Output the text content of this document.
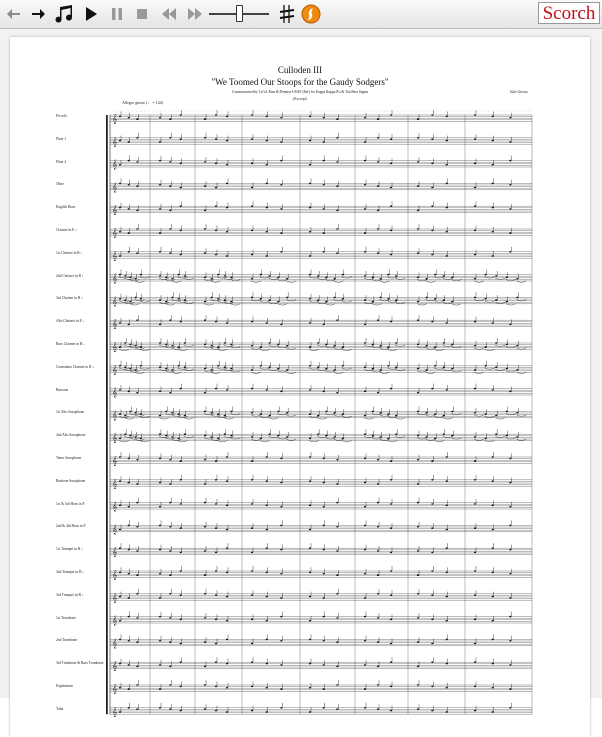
Scorch
Culloden III
"We Toomed Our Stoops for the Gaudy Sodgers"
Commissioned by LtCol Alan & Dennise USAF (Ret) for Kappa Kappa Psi & Tau Beta Sigma
(Excerpt)
Julie Giroux
Allegro giusto (♩ = 144)
Piccolo
Flute 1
Flute 2
Oboe
English Horn
Clarinet in E ♭
1st Clarinet in B ♭
2nd Clarinet in B ♭
3rd Clarinet in B ♭
Alto Clarinet in E ♭
Bass Clarinet in B ♭
Contrabass Clarinet in B ♭
Bassoon
1st Alto Saxophone
2nd Alto Saxophone
Tenor Saxophone
Baritone Saxophone
1st & 3rd Horn in F
2nd & 4th Horn in F
1st Trumpet in B ♭
2nd Trumpet in B ♭
3rd Trumpet in B ♭
1st Trombone
2nd Trombone
3rd Trombone & Bass Trombone
Euphonium
Tuba
𝄞
𝄞
𝄞
𝄞
𝄞
𝄞
𝄞
𝄞
𝄞
𝄞
𝄞
𝄞
𝄞
𝄞
𝄞
𝄞
𝄞
𝄞
𝄞
𝄞
𝄞
𝄞
𝄞
𝄞
𝄞
𝄞
𝄞
